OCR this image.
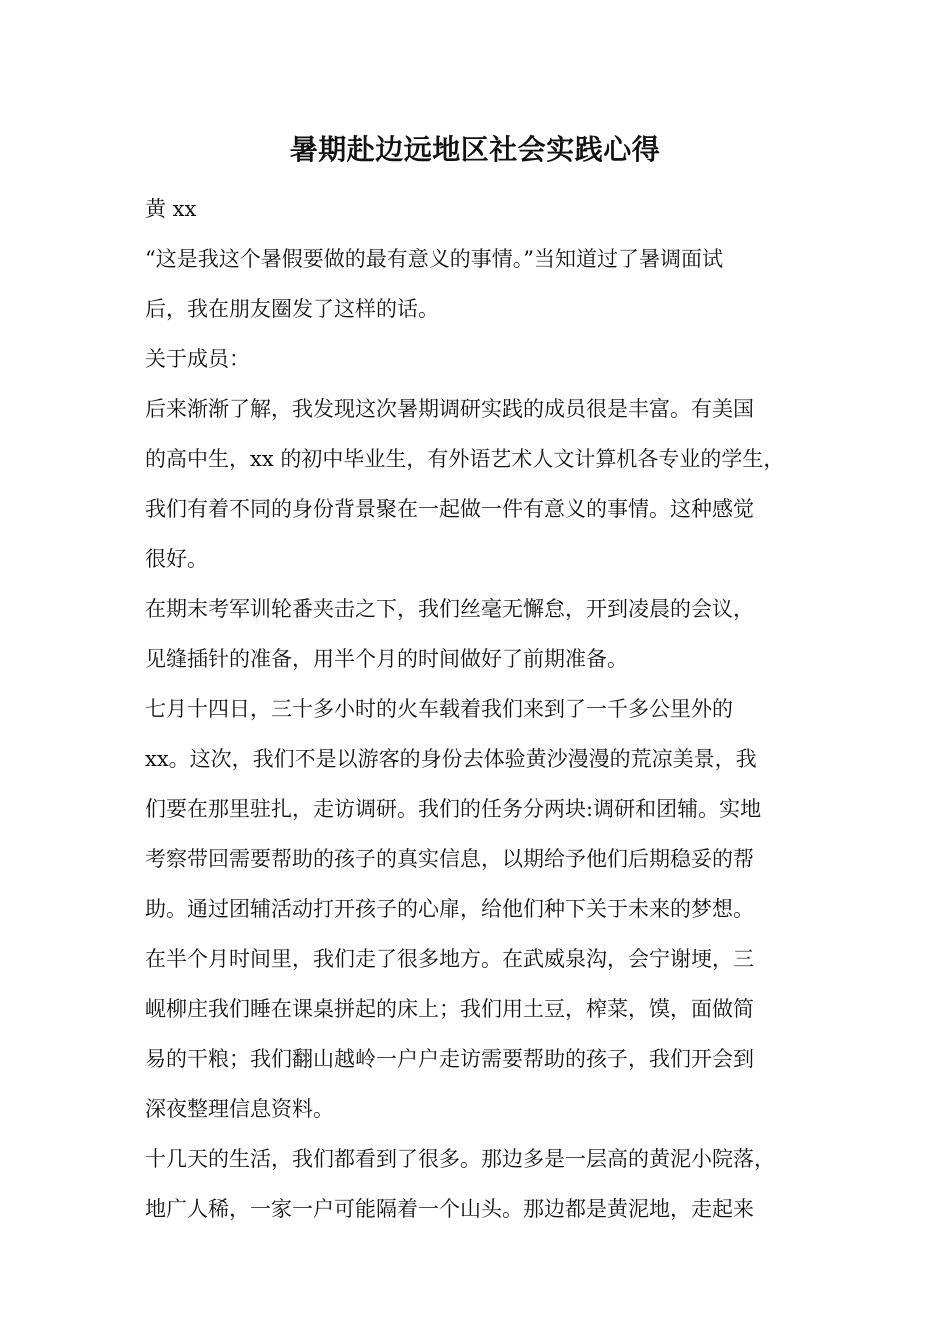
暑期赴边远地区社会实践心得
黄 xx
“这是我这个暑假要做的最有意义的事情。”当知道过了暑调面试
后，我在朋友圈发了这样的话。
关于成员：
后来渐渐了解，我发现这次暑期调研实践的成员很是丰富。有美国
的高中生，xx 的初中毕业生，有外语艺术人文计算机各专业的学生，
我们有着不同的身份背景聚在一起做一件有意义的事情。这种感觉
很好。
在期末考军训轮番夹击之下，我们丝毫无懈怠，开到凌晨的会议，
见缝插针的准备，用半个月的时间做好了前期准备。
七月十四日，三十多小时的火车载着我们来到了一千多公里外的
xx。这次，我们不是以游客的身份去体验黄沙漫漫的荒凉美景，我
们要在那里驻扎，走访调研。我们的任务分两块:调研和团辅。实地
考察带回需要帮助的孩子的真实信息，以期给予他们后期稳妥的帮
助。通过团辅活动打开孩子的心扉，给他们种下关于未来的梦想。
在半个月时间里，我们走了很多地方。在武威泉沟，会宁谢埂，三
岘柳庄我们睡在课桌拼起的床上；我们用土豆，榨菜，馍，面做简
易的干粮；我们翻山越岭一户户走访需要帮助的孩子，我们开会到
深夜整理信息资料。
十几天的生活，我们都看到了很多。那边多是一层高的黄泥小院落，
地广人稀，一家一户可能隔着一个山头。那边都是黄泥地，走起来
